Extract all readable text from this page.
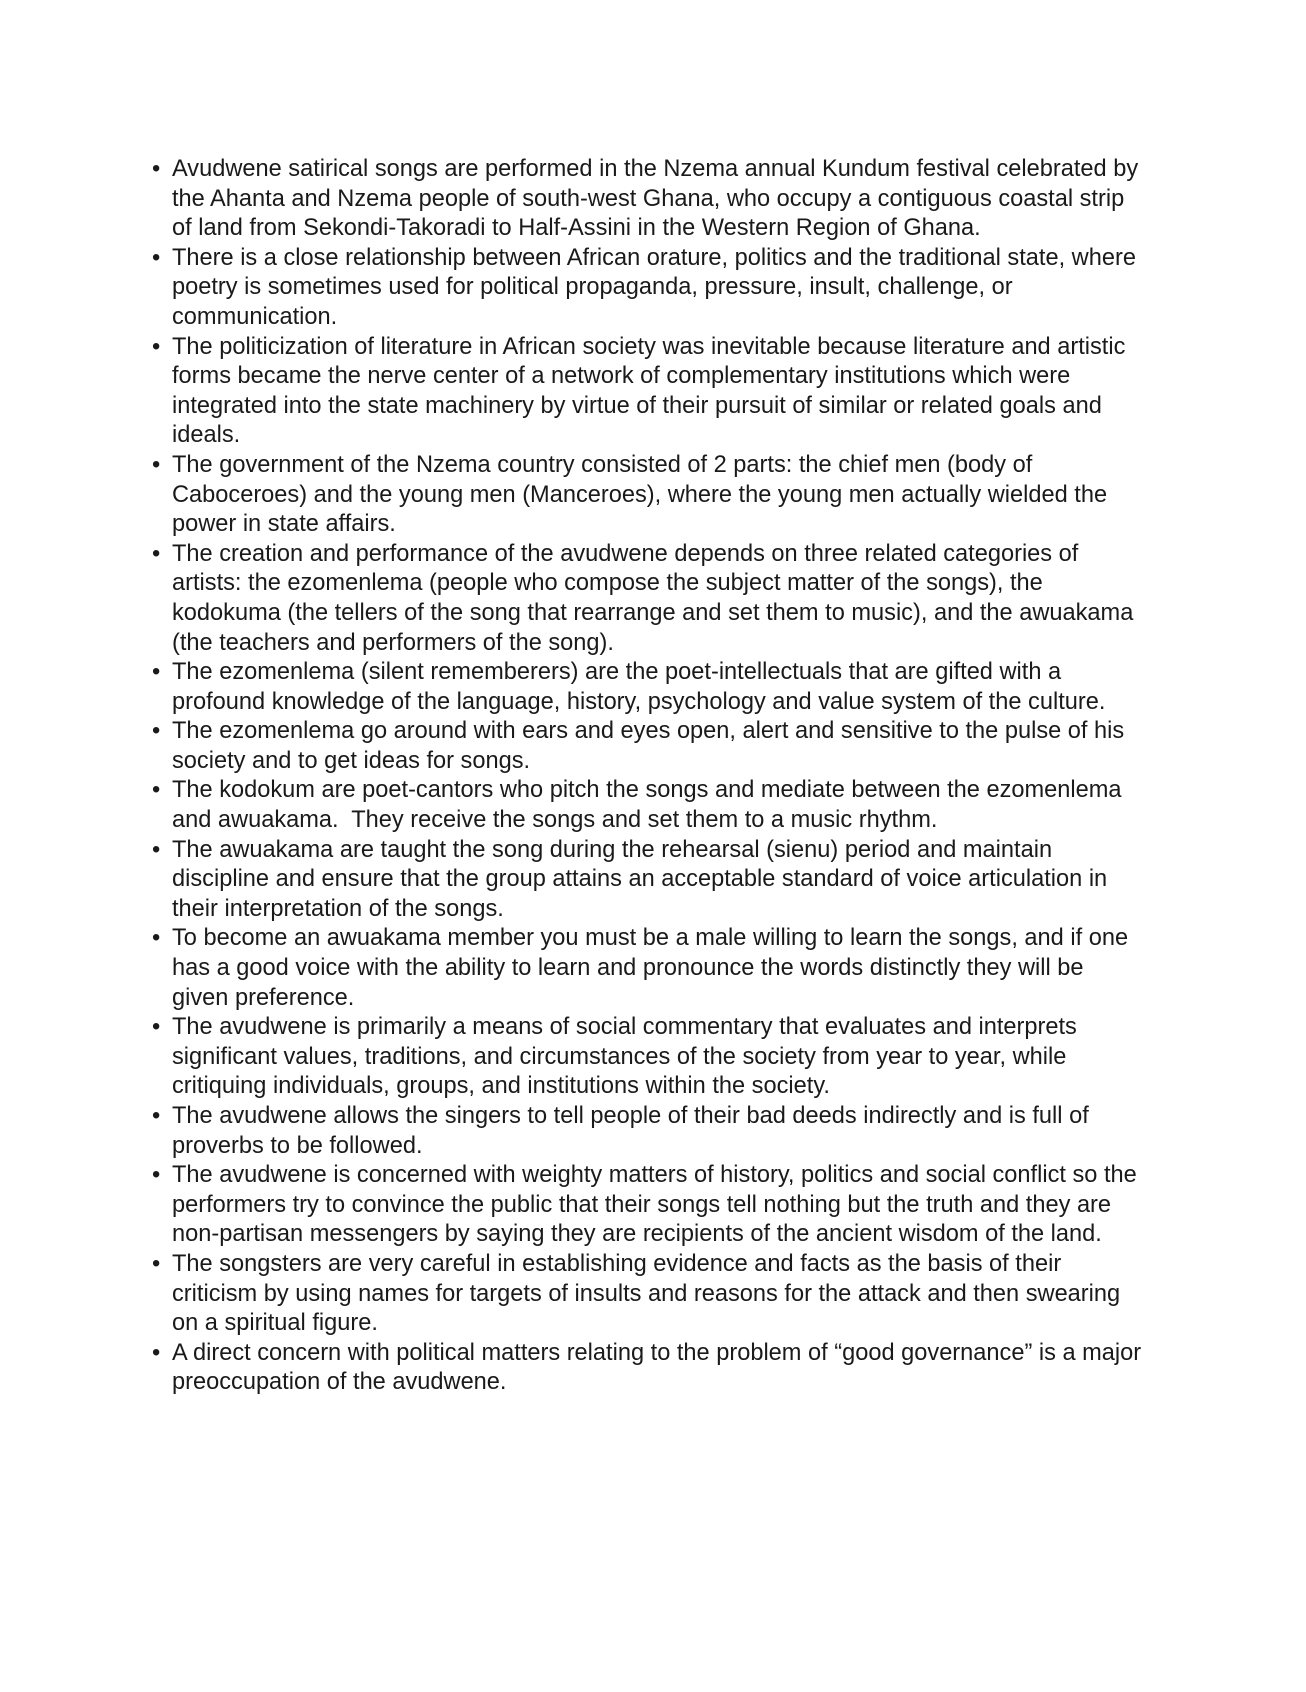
• Avudwene satirical songs are performed in the Nzema annual Kundum festival celebrated by the Ahanta and Nzema people of south-west Ghana, who occupy a contiguous coastal strip of land from Sekondi-Takoradi to Half-Assini in the Western Region of Ghana.
• There is a close relationship between African orature, politics and the traditional state, where poetry is sometimes used for political propaganda, pressure, insult, challenge, or communication.
• The politicization of literature in African society was inevitable because literature and artistic forms became the nerve center of a network of complementary institutions which were integrated into the state machinery by virtue of their pursuit of similar or related goals and ideals.
• The government of the Nzema country consisted of 2 parts: the chief men (body of Caboceroes) and the young men (Manceroes), where the young men actually wielded the power in state affairs.
• The creation and performance of the avudwene depends on three related categories of artists: the ezomenlema (people who compose the subject matter of the songs), the kodokuma (the tellers of the song that rearrange and set them to music), and the awuakama (the teachers and performers of the song).
• The ezomenlema (silent rememberers) are the poet-intellectuals that are gifted with a profound knowledge of the language, history, psychology and value system of the culture.
• The ezomenlema go around with ears and eyes open, alert and sensitive to the pulse of his society and to get ideas for songs.
• The kodokum are poet-cantors who pitch the songs and mediate between the ezomenlema and awuakama.  They receive the songs and set them to a music rhythm.
• The awuakama are taught the song during the rehearsal (sienu) period and maintain discipline and ensure that the group attains an acceptable standard of voice articulation in their interpretation of the songs.
• To become an awuakama member you must be a male willing to learn the songs, and if one has a good voice with the ability to learn and pronounce the words distinctly they will be given preference.
• The avudwene is primarily a means of social commentary that evaluates and interprets significant values, traditions, and circumstances of the society from year to year, while critiquing individuals, groups, and institutions within the society.
• The avudwene allows the singers to tell people of their bad deeds indirectly and is full of proverbs to be followed.
• The avudwene is concerned with weighty matters of history, politics and social conflict so the performers try to convince the public that their songs tell nothing but the truth and they are non-partisan messengers by saying they are recipients of the ancient wisdom of the land.
• The songsters are very careful in establishing evidence and facts as the basis of their criticism by using names for targets of insults and reasons for the attack and then swearing on a spiritual figure.
• A direct concern with political matters relating to the problem of “good governance” is a major preoccupation of the avudwene.
